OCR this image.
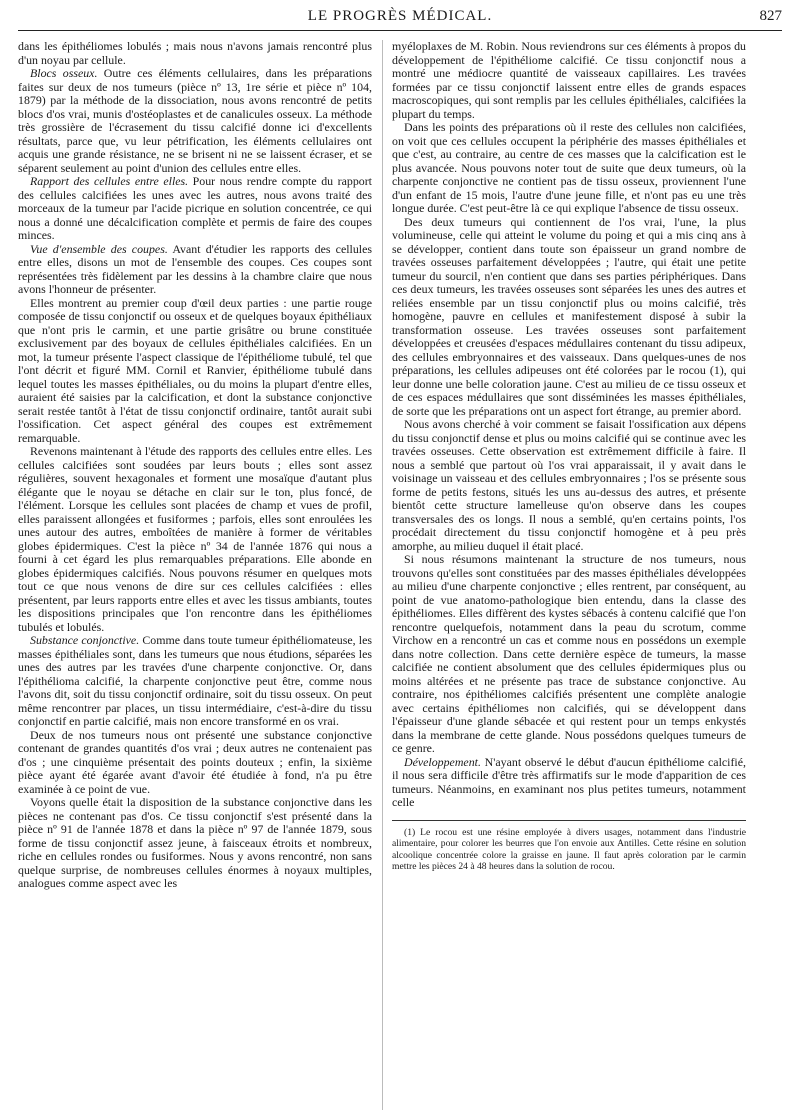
LE PROGRÈS MÉDICAL.	827

dans les épithéliomes lobulés ; mais nous n'avons jamais rencontré plus d'un noyau par cellule.

Blocs osseux. Outre ces éléments cellulaires, dans les préparations faites sur deux de nos tumeurs (pièce nº 13, 1re série et pièce nº 104, 1879) par la méthode de la dissociation, nous avons rencontré de petits blocs d'os vrai, munis d'ostéoplastes et de canalicules osseux. La méthode très grossière de l'écrasement du tissu calcifié donne ici d'excellents résultats, parce que, vu leur pétrification, les éléments cellulaires ont acquis une grande résistance, ne se brisent ni ne se laissent écraser, et se séparent seulement au point d'union des cellules entre elles.

Rapport des cellules entre elles. Pour nous rendre compte du rapport des cellules calcifiées les unes avec les autres, nous avons traité des morceaux de la tumeur par l'acide picrique en solution concentrée, ce qui nous a donné une décalcification complète et permis de faire des coupes minces.

Vue d'ensemble des coupes. Avant d'étudier les rapports des cellules entre elles, disons un mot de l'ensemble des coupes. Ces coupes sont représentées très fidèlement par les dessins à la chambre claire que nous avons l'honneur de présenter.

Elles montrent au premier coup d'œil deux parties : une partie rouge composée de tissu conjonctif ou osseux et de quelques boyaux épithéliaux que n'ont pris le carmin, et une partie grisâtre ou brune constituée exclusivement par des boyaux de cellules épithéliales calcifiées. En un mot, la tumeur présente l'aspect classique de l'épithéliome tubulé, tel que l'ont décrit et figuré MM. Cornil et Ranvier, épithéliome tubulé dans lequel toutes les masses épithéliales, ou du moins la plupart d'entre elles, auraient été saisies par la calcification, et dont la substance conjonctive serait restée tantôt à l'état de tissu conjonctif ordinaire, tantôt aurait subi l'ossification. Cet aspect général des coupes est extrêmement remarquable.

Revenons maintenant à l'étude des rapports des cellules entre elles. Les cellules calcifiées sont soudées par leurs bouts ; elles sont assez régulières, souvent hexagonales et forment une mosaïque d'autant plus élégante que le noyau se détache en clair sur le ton, plus foncé, de l'élément. Lorsque les cellules sont placées de champ et vues de profil, elles paraissent allongées et fusiformes ; parfois, elles sont enroulées les unes autour des autres, emboîtées de manière à former de véritables globes épidermiques. C'est la pièce nº 34 de l'année 1876 qui nous a fourni à cet égard les plus remarquables préparations. Elle abonde en globes épidermiques calcifiés. Nous pouvons résumer en quelques mots tout ce que nous venons de dire sur ces cellules calcifiées : elles présentent, par leurs rapports entre elles et avec les tissus ambiants, toutes les dispositions principales que l'on rencontre dans les épithéliomes tubulés et lobulés.

Substance conjonctive. Comme dans toute tumeur épithéliomateuse, les masses épithéliales sont, dans les tumeurs que nous étudions, séparées les unes des autres par les travées d'une charpente conjonctive. Or, dans l'épithélioma calcifié, la charpente conjonctive peut être, comme nous l'avons dit, soit du tissu conjonctif ordinaire, soit du tissu osseux. On peut même rencontrer par places, un tissu intermédiaire, c'est-à-dire du tissu conjonctif en partie calcifié, mais non encore transformé en os vrai.

Deux de nos tumeurs nous ont présenté une substance conjonctive contenant de grandes quantités d'os vrai ; deux autres ne contenaient pas d'os ; une cinquième présentait des points douteux ; enfin, la sixième pièce ayant été égarée avant d'avoir été étudiée à fond, n'a pu être examinée à ce point de vue.

Voyons quelle était la disposition de la substance conjonctive dans les pièces ne contenant pas d'os. Ce tissu conjonctif s'est présenté dans la pièce nº 91 de l'année 1878 et dans la pièce nº 97 de l'année 1879, sous forme de tissu conjonctif assez jeune, à faisceaux étroits et nombreux, riche en cellules rondes ou fusiformes. Nous y avons rencontré, non sans quelque surprise, de nombreuses cellules énormes à noyaux multiples, analogues comme aspect avec les

myéloplaxes de M. Robin. Nous reviendrons sur ces éléments à propos du développement de l'épithéliome calcifié. Ce tissu conjonctif nous a montré une médiocre quantité de vaisseaux capillaires. Les travées formées par ce tissu conjonctif laissent entre elles de grands espaces macroscopiques, qui sont remplis par les cellules épithéliales, calcifiées la plupart du temps.

Dans les points des préparations où il reste des cellules non calcifiées, on voit que ces cellules occupent la périphérie des masses épithéliales et que c'est, au contraire, au centre de ces masses que la calcification est le plus avancée. Nous pouvons noter tout de suite que deux tumeurs, où la charpente conjonctive ne contient pas de tissu osseux, proviennent l'une d'un enfant de 15 mois, l'autre d'une jeune fille, et n'ont pas eu une très longue durée. C'est peut-être là ce qui explique l'absence de tissu osseux.

Des deux tumeurs qui contiennent de l'os vrai, l'une, la plus volumineuse, celle qui atteint le volume du poing et qui a mis cinq ans à se développer, contient dans toute son épaisseur un grand nombre de travées osseuses parfaitement développées ; l'autre, qui était une petite tumeur du sourcil, n'en contient que dans ses parties périphériques. Dans ces deux tumeurs, les travées osseuses sont séparées les unes des autres et reliées ensemble par un tissu conjonctif plus ou moins calcifié, très homogène, pauvre en cellules et manifestement disposé à subir la transformation osseuse. Les travées osseuses sont parfaitement développées et creusées d'espaces médullaires contenant du tissu adipeux, des cellules embryonnaires et des vaisseaux. Dans quelques-unes de nos préparations, les cellules adipeuses ont été colorées par le rocou (1), qui leur donne une belle coloration jaune. C'est au milieu de ce tissu osseux et de ces espaces médullaires que sont disséminées les masses épithéliales, de sorte que les préparations ont un aspect fort étrange, au premier abord.

Nous avons cherché à voir comment se faisait l'ossification aux dépens du tissu conjonctif dense et plus ou moins calcifié qui se continue avec les travées osseuses. Cette observation est extrêmement difficile à faire. Il nous a semblé que partout où l'os vrai apparaissait, il y avait dans le voisinage un vaisseau et des cellules embryonnaires ; l'os se présente sous forme de petits festons, situés les uns au-dessus des autres, et présente bientôt cette structure lamelleuse qu'on observe dans les coupes transversales des os longs. Il nous a semblé, qu'en certains points, l'os procédait directement du tissu conjonctif homogène et à peu près amorphe, au milieu duquel il était placé.

Si nous résumons maintenant la structure de nos tumeurs, nous trouvons qu'elles sont constituées par des masses épithéliales développées au milieu d'une charpente conjonctive ; elles rentrent, par conséquent, au point de vue anatomo-pathologique bien entendu, dans la classe des épithéliomes. Elles diffèrent des kystes sébacés à contenu calcifié que l'on rencontre quelquefois, notamment dans la peau du scrotum, comme Virchow en a rencontré un cas et comme nous en possédons un exemple dans notre collection. Dans cette dernière espèce de tumeurs, la masse calcifiée ne contient absolument que des cellules épidermiques plus ou moins altérées et ne présente pas trace de substance conjonctive. Au contraire, nos épithéliomes calcifiés présentent une complète analogie avec certains épithéliomes non calcifiés, qui se développent dans l'épaisseur d'une glande sébacée et qui restent pour un temps enkystés dans la membrane de cette glande. Nous possédons quelques tumeurs de ce genre.

Développement. N'ayant observé le début d'aucun épithéliome calcifié, il nous sera difficile d'être très affirmatifs sur le mode d'apparition de ces tumeurs. Néanmoins, en examinant nos plus petites tumeurs, notamment celle

(1) Le rocou est une résine employée à divers usages, notamment dans l'industrie alimentaire, pour colorer les beurres que l'on envoie aux Antilles. Cette résine en solution alcoolique concentrée colore la graisse en jaune. Il faut après coloration par le carmin mettre les pièces 24 à 48 heures dans la solution de rocou.
